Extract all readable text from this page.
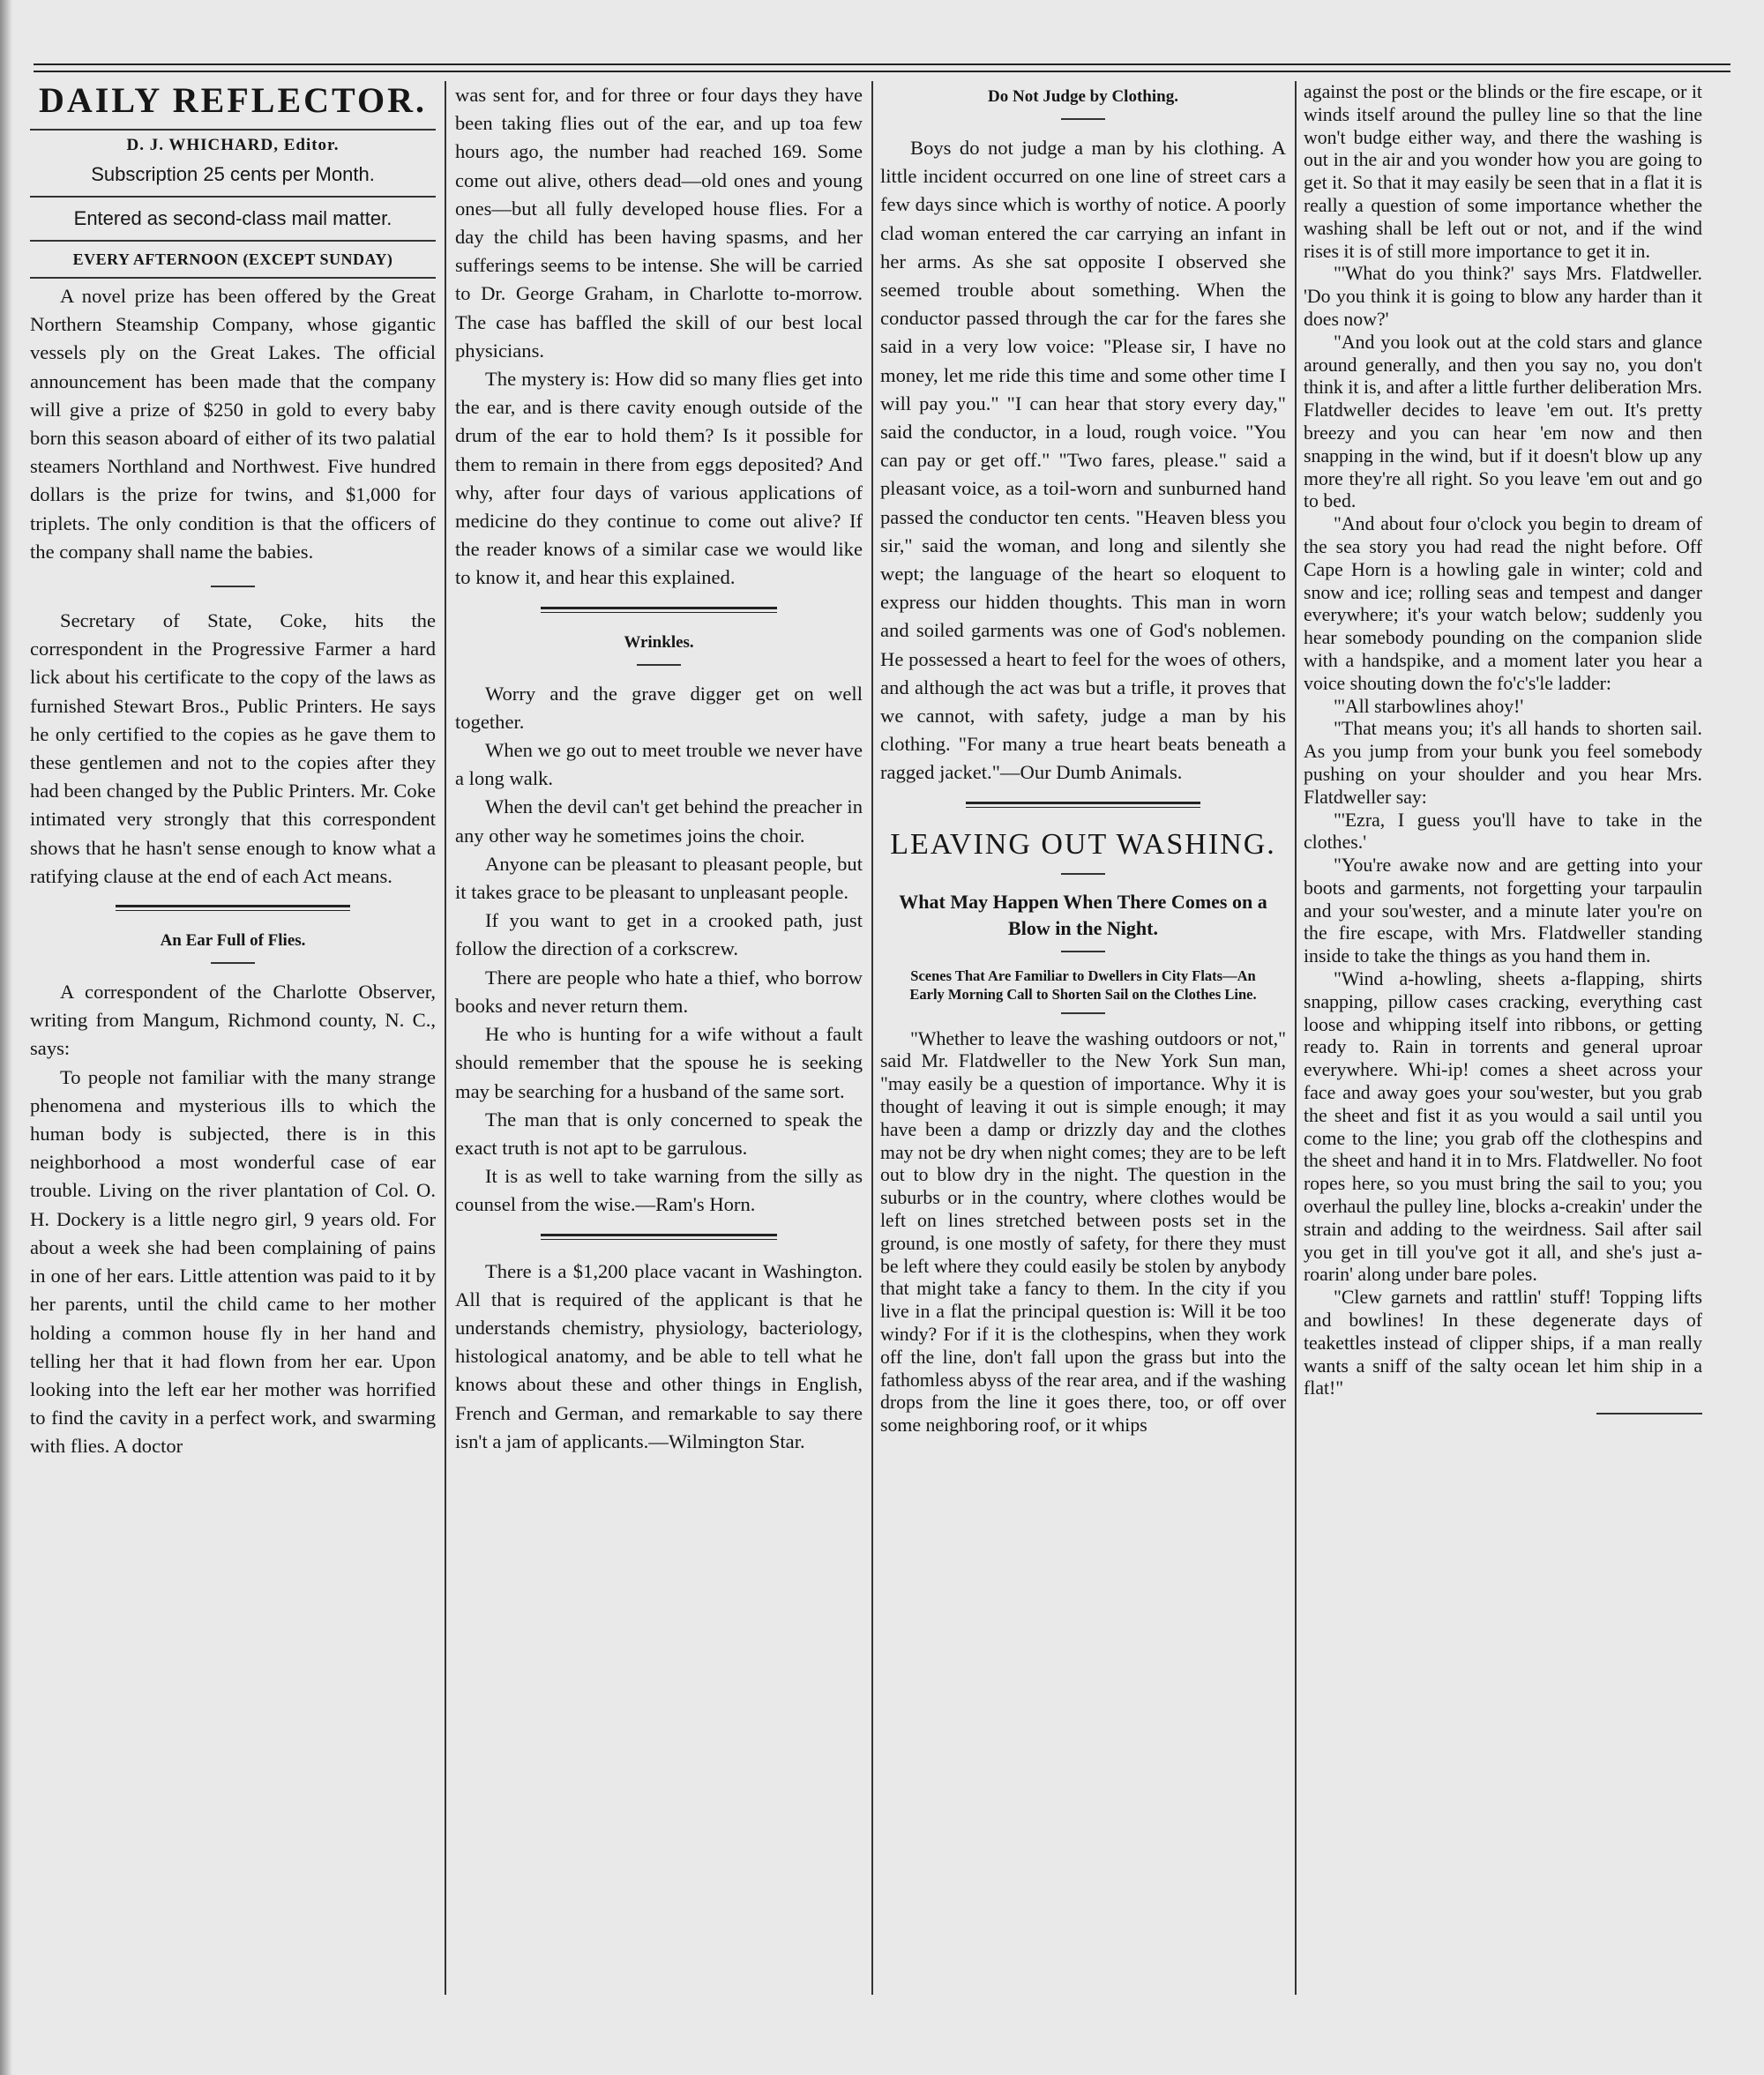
DAILY REFLECTOR.
D. J. WHICHARD, Editor.
Subscription 25 cents per Month.
Entered as second-class mail matter.
EVERY AFTERNOON (EXCEPT SUNDAY)

A novel prize has been offered by the Great Northern Steamship Company, whose gigantic vessels ply on the Great Lakes. The official announcement has been made that the company will give a prize of $250 in gold to every baby born this season aboard of either of its two palatial steamers Northland and Northwest. Five hundred dollars is the prize for twins, and $1,000 for triplets. The only condition is that the officers of the company shall name the babies.

Secretary of State, Coke, hits the correspondent in the Progressive Farmer a hard lick about his certificate to the copy of the laws as furnished Stewart Bros., Public Printers. He says he only certified to the copies as he gave them to these gentlemen and not to the copies after they had been changed by the Public Printers. Mr. Coke intimated very strongly that this correspondent shows that he hasn't sense enough to know what a ratifying clause at the end of each Act means.

An Ear Full of Flies.

A correspondent of the Charlotte Observer, writing from Mangum, Richmond county, N. C., says:

To people not familiar with the many strange phenomena and mysterious ills to which the human body is subjected, there is in this neighborhood a most wonderful case of ear trouble. Living on the river plantation of Col. O. H. Dockery is a little negro girl, 9 years old. For about a week she had been complaining of pains in one of her ears. Little attention was paid to it by her parents, until the child came to her mother holding a common house fly in her hand and telling her that it had flown from her ear. Upon looking into the left ear her mother was horrified to find the cavity in a perfect work, and swarming with flies. A doctor

was sent for, and for three or four days they have been taking flies out of the ear, and up toa few hours ago, the number had reached 169. Some come out alive, others dead—old ones and young ones—but all fully developed house flies. For a day the child has been having spasms, and her sufferings seems to be intense. She will be carried to Dr. George Graham, in Charlotte to-morrow. The case has baffled the skill of our best local physicians.

The mystery is: How did so many flies get into the ear, and is there cavity enough outside of the drum of the ear to hold them? Is it possible for them to remain in there from eggs deposited? And why, after four days of various applications of medicine do they continue to come out alive? If the reader knows of a similar case we would like to know it, and hear this explained.

Wrinkles.

Worry and the grave digger get on well together.

When we go out to meet trouble we never have a long walk.

When the devil can't get behind the preacher in any other way he sometimes joins the choir.

Anyone can be pleasant to pleasant people, but it takes grace to be pleasant to unpleasant people.

If you want to get in a crooked path, just follow the direction of a corkscrew.

There are people who hate a thief, who borrow books and never return them.

He who is hunting for a wife without a fault should remember that the spouse he is seeking may be searching for a husband of the same sort.

The man that is only concerned to speak the exact truth is not apt to be garrulous.

It is as well to take warning from the silly as counsel from the wise.—Ram's Horn.

There is a $1,200 place vacant in Washington. All that is required of the applicant is that he understands chemistry, physiology, bacteriology, histological anatomy, and be able to tell what he knows about these and other things in English, French and German, and remarkable to say there isn't a jam of applicants.—Wilmington Star.

Do Not Judge by Clothing.

Boys do not judge a man by his clothing. A little incident occurred on one line of street cars a few days since which is worthy of notice. A poorly clad woman entered the car carrying an infant in her arms. As she sat opposite I observed she seemed trouble about something. When the conductor passed through the car for the fares she said in a very low voice: "Please sir, I have no money, let me ride this time and some other time I will pay you." "I can hear that story every day," said the conductor, in a loud, rough voice. "You can pay or get off." "Two fares, please." said a pleasant voice, as a toil-worn and sunburned hand passed the conductor ten cents. "Heaven bless you sir," said the woman, and long and silently she wept; the language of the heart so eloquent to express our hidden thoughts. This man in worn and soiled garments was one of God's noblemen. He possessed a heart to feel for the woes of others, and although the act was but a trifle, it proves that we cannot, with safety, judge a man by his clothing. "For many a true heart beats beneath a ragged jacket."—Our Dumb Animals.

LEAVING OUT WASHING.
What May Happen When There Comes on a Blow in the Night.
Scenes That Are Familiar to Dwellers in City Flats—An Early Morning Call to Shorten Sail on the Clothes Line.

"Whether to leave the washing outdoors or not," said Mr. Flatdweller to the New York Sun man, "may easily be a question of importance. Why it is thought of leaving it out is simple enough; it may have been a damp or drizzly day and the clothes may not be dry when night comes; they are to be left out to blow dry in the night. The question in the suburbs or in the country, where clothes would be left on lines stretched between posts set in the ground, is one mostly of safety, for there they must be left where they could easily be stolen by anybody that might take a fancy to them. In the city if you live in a flat the principal question is: Will it be too windy? For if it is the clothespins, when they work off the line, don't fall upon the grass but into the fathomless abyss of the rear area, and if the washing drops from the line it goes there, too, or off over some neighboring roof, or it whips

against the post or the blinds or the fire escape, or it winds itself around the pulley line so that the line won't budge either way, and there the washing is out in the air and you wonder how you are going to get it. So that it may easily be seen that in a flat it is really a question of some importance whether the washing shall be left out or not, and if the wind rises it is of still more importance to get it in.

"'What do you think?' says Mrs. Flatdweller. 'Do you think it is going to blow any harder than it does now?'

"And you look out at the cold stars and glance around generally, and then you say no, you don't think it is, and after a little further deliberation Mrs. Flatdweller decides to leave 'em out. It's pretty breezy and you can hear 'em now and then snapping in the wind, but if it doesn't blow up any more they're all right. So you leave 'em out and go to bed.

"And about four o'clock you begin to dream of the sea story you had read the night before. Off Cape Horn is a howling gale in winter; cold and snow and ice; rolling seas and tempest and danger everywhere; it's your watch below; suddenly you hear somebody pounding on the companion slide with a handspike, and a moment later you hear a voice shouting down the fo'c's'le ladder:

"'All starbowlines ahoy!'

"That means you; it's all hands to shorten sail. As you jump from your bunk you feel somebody pushing on your shoulder and you hear Mrs. Flatdweller say:

"'Ezra, I guess you'll have to take in the clothes.'

"You're awake now and are getting into your boots and garments, not forgetting your tarpaulin and your sou'wester, and a minute later you're on the fire escape, with Mrs. Flatdweller standing inside to take the things as you hand them in.

"Wind a-howling, sheets a-flapping, shirts snapping, pillow cases cracking, everything cast loose and whipping itself into ribbons, or getting ready to. Rain in torrents and general uproar everywhere. Whi-ip! comes a sheet across your face and away goes your sou'wester, but you grab the sheet and fist it as you would a sail until you come to the line; you grab off the clothespins and the sheet and hand it in to Mrs. Flatdweller. No foot ropes here, so you must bring the sail to you; you overhaul the pulley line, blocks a-creakin' under the strain and adding to the weirdness. Sail after sail you get in till you've got it all, and she's just a-roarin' along under bare poles.

"Clew garnets and rattlin' stuff! Topping lifts and bowlines! In these degenerate days of teakettles instead of clipper ships, if a man really wants a sniff of the salty ocean let him ship in a flat!"
